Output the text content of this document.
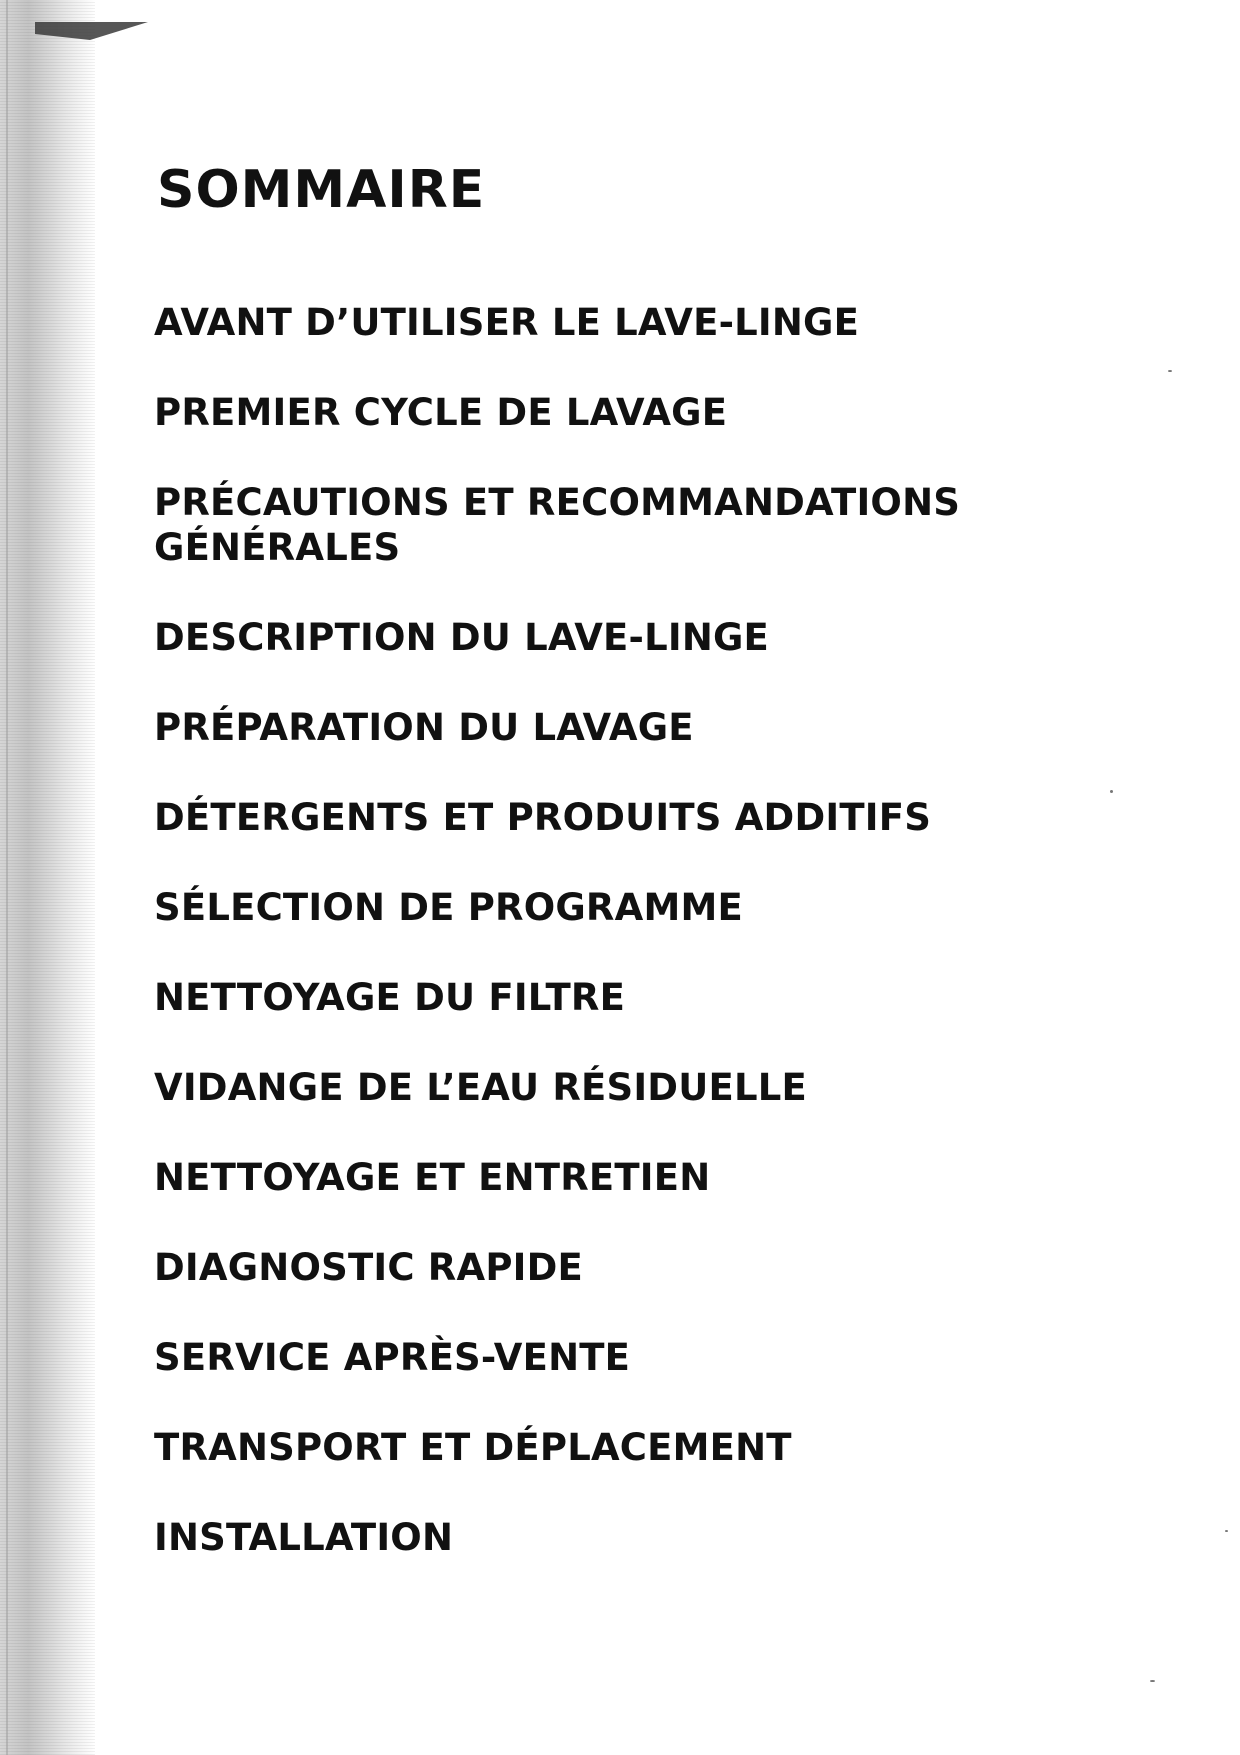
SOMMAIRE
AVANT D’UTILISER LE LAVE-LINGE
PREMIER CYCLE DE LAVAGE
PRÉCAUTIONS ET RECOMMANDATIONS
GÉNÉRALES
DESCRIPTION DU LAVE-LINGE
PRÉPARATION DU LAVAGE
DÉTERGENTS ET PRODUITS ADDITIFS
SÉLECTION DE PROGRAMME
NETTOYAGE DU FILTRE
VIDANGE DE L’EAU RÉSIDUELLE
NETTOYAGE ET ENTRETIEN
DIAGNOSTIC RAPIDE
SERVICE APRÈS-VENTE
TRANSPORT ET DÉPLACEMENT
INSTALLATION
